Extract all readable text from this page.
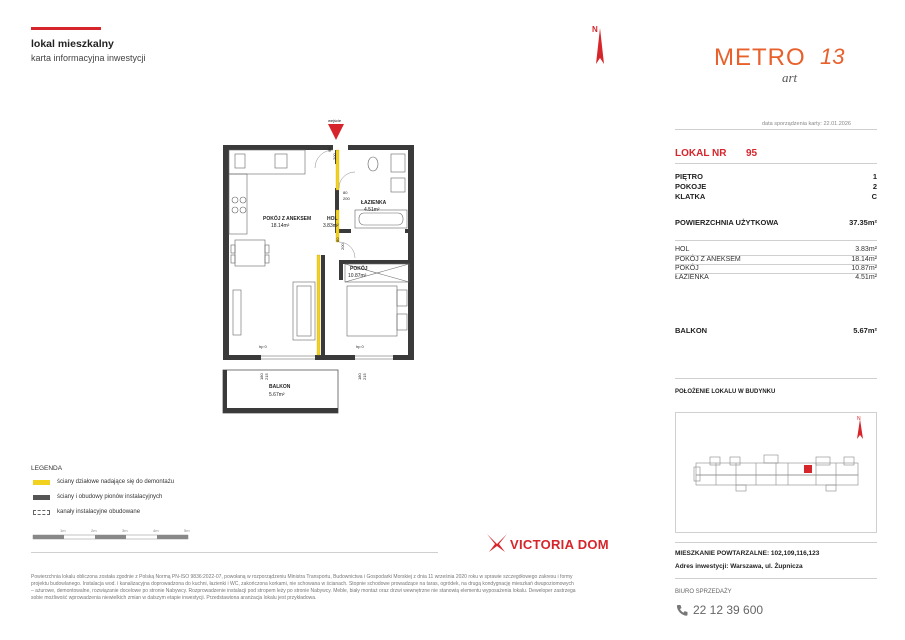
lokal mieszkalny
karta informacyjna inwestycji
N
METRO 13
art
data sporządzenia karty: 22.01.2026
LOKAL NR 95
PIĘTRO	1
POKOJE	2
KLATKA	C
POWIERZCHNIA UŻYTKOWA	37.35m²
HOL	3.83m²
POKÓJ Z ANEKSEM	18.14m²
POKÓJ	10.87m²
ŁAZIENKA	4.51m²
BALKON	5.67m²
POŁOŻENIE LOKALU W BUDYNKU
N
MIESZKANIE POWTARZALNE: 102,109,116,123
Adres inwestycji: Warszawa, ul. Żupnicza
BIURO SPRZEDAŻY
22 12 39 600
wejście
POKÓJ Z ANEKSEM
18.14m²
HOL
3.83m²
ŁAZIENKA
4.51m²
POKÓJ
10.87m²
BALKON
5.67m²
hp 0	hp 0
90
200
80
200
80
200
180 215	180 215
LEGENDA
ściany działowe nadające się do demontażu
ściany i obudowy pionów instalacyjnych
kanały instalacyjne obudowane
1m	2m	3m	4m	5m
VICTORIA DOM
Powierzchnia lokalu obliczona została zgodnie z Polską Normą PN-ISO 9836:2022-07, powołaną w rozporządzeniu Ministra Transportu, Budownictwa i Gospodarki Morskiej z dnia 11 września 2020 roku w sprawie szczegółowego zakresu i formy projektu budowlanego. Instalacja wod. i kanalizacyjna doprowadzona do kuchni, łazienki i WC, zakończona korkami, nie schowana w ścianach. Stopnie schodowe prowadzące na taras, ogródek, na drugą kondygnację mieszkań dwupoziomowych – ażurowe, demontowalne, rozwiązanie docelowe po stronie Nabywcy. Rozprowadzenie instalacji pod stropem leży po stronie Nabywcy. Meble, biały montaż oraz drzwi wewnętrzne nie stanowią elementu wyposażenia lokalu. Deweloper zastrzega sobie możliwość wprowadzenia niewielkich zmian w dalszym etapie inwestycji. Przedstawiona aranżacja lokalu jest przykładowa.
